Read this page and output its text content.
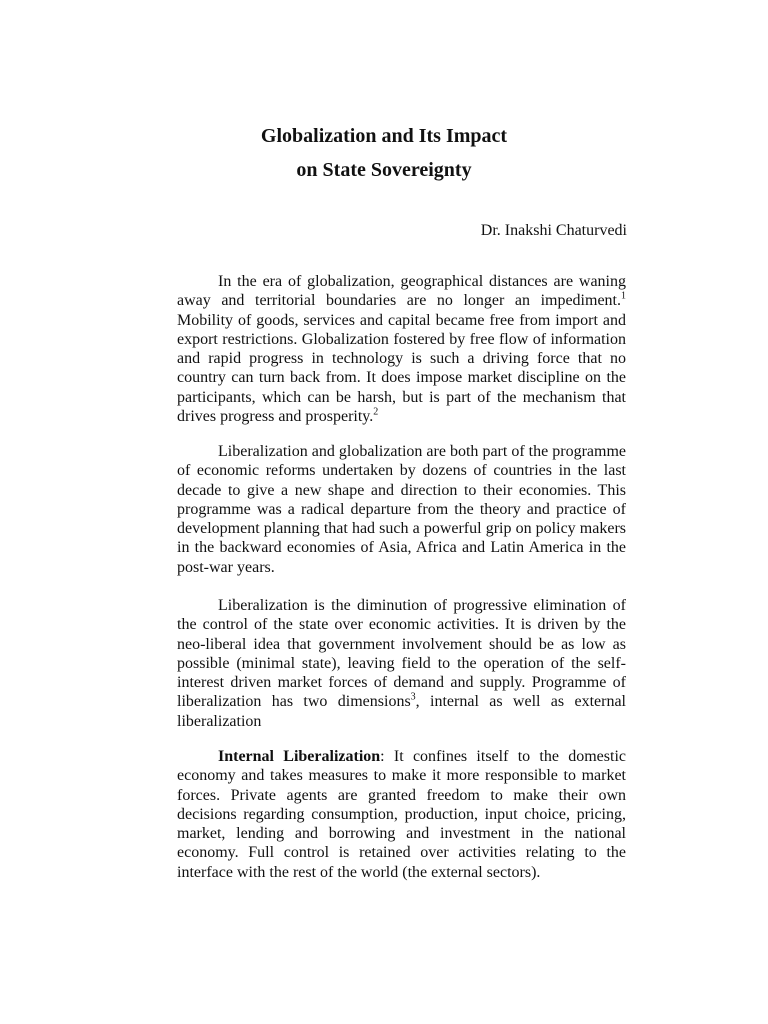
Globalization and Its Impact
on State Sovereignty
Dr. Inakshi Chaturvedi

In the era of globalization, geographical distances are waning away and territorial boundaries are no longer an impediment.$^1$ Mobility of goods, services and capital became free from import and export restrictions. Globalization fostered by free flow of information and rapid progress in technology is such a driving force that no country can turn back from. It does impose market discipline on the participants, which can be harsh, but is part of the mechanism that drives progress and prosperity.$^2$

Liberalization and globalization are both part of the programme of economic reforms undertaken by dozens of countries in the last decade to give a new shape and direction to their economies. This programme was a radical departure from the theory and practice of development planning that had such a powerful grip on policy makers in the backward economies of Asia, Africa and Latin America in the post-war years.

Liberalization is the diminution of progressive elimination of the control of the state over economic activities. It is driven by the neo-liberal idea that government involvement should be as low as possible (minimal state), leaving field to the operation of the self-interest driven market forces of demand and supply. Programme of liberalization has two dimensions$^3$, internal as well as external liberalization

Internal Liberalization: It confines itself to the domestic economy and takes measures to make it more responsible to market forces. Private agents are granted freedom to make their own decisions regarding consumption, production, input choice, pricing, market, lending and borrowing and investment in the national economy. Full control is retained over activities relating to the interface with the rest of the world (the external sectors).
